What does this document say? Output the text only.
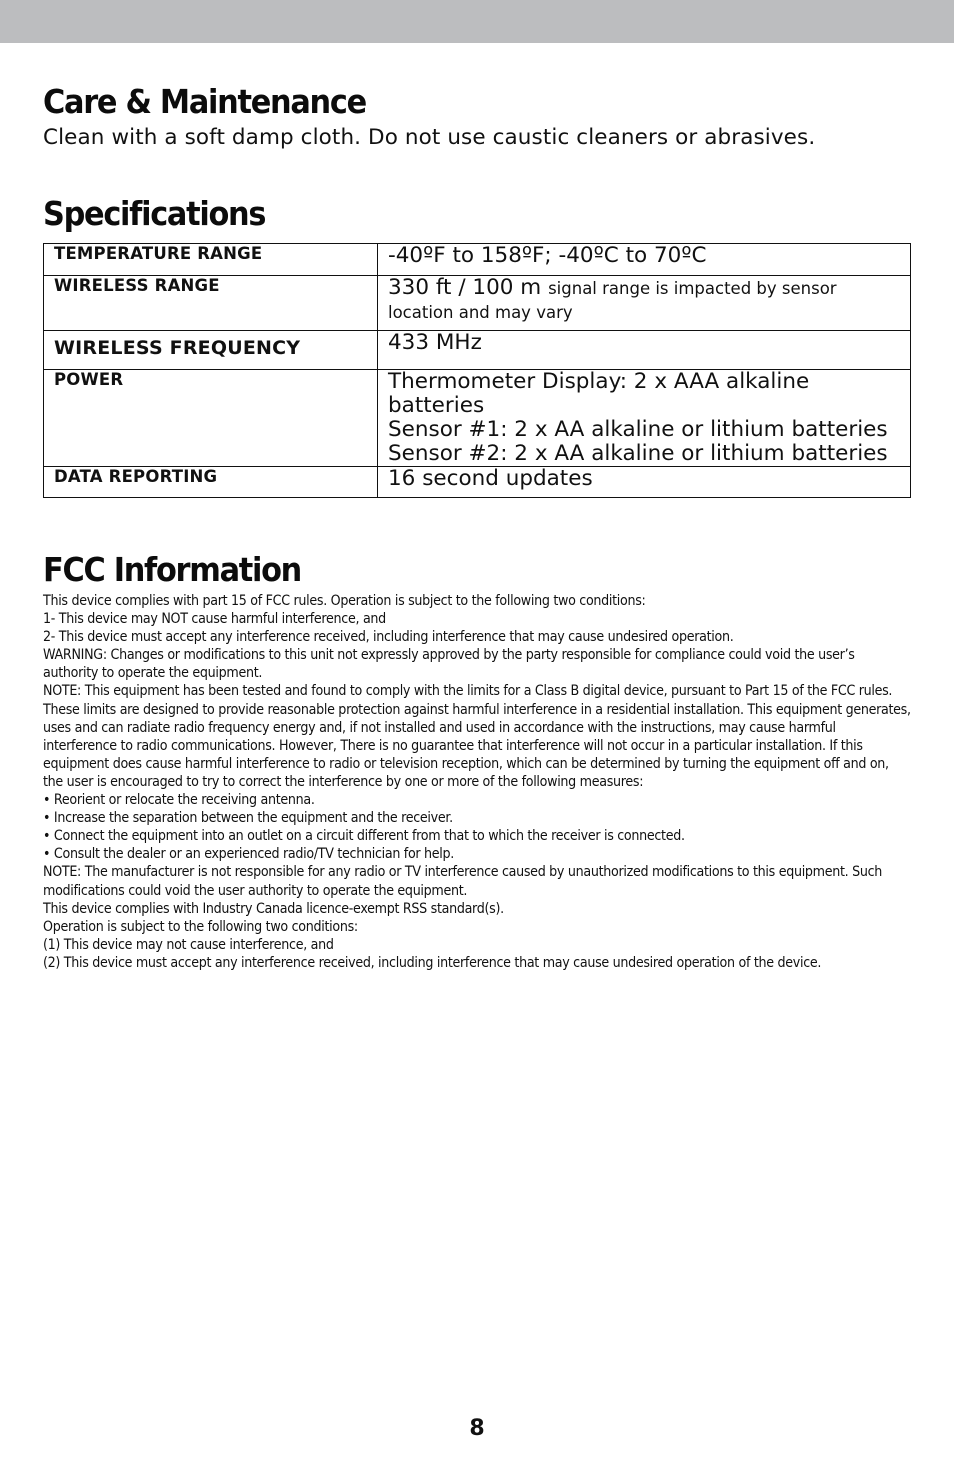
Care & Maintenance

Clean with a soft damp cloth. Do not use caustic cleaners or abrasives.

Specifications
TEMPERATURE RANGE	-40ºF to 158ºF; -40ºC to 70ºC
WIRELESS RANGE	330 ft / 100 m signal range is impacted by sensor location and may vary
WIRELESS FREQUENCY	433 MHz
POWER	Thermometer Display: 2 x AAA alkaline batteries
Sensor #1: 2 x AA alkaline or lithium batteries
Sensor #2: 2 x AA alkaline or lithium batteries

DATA REPORTING	16 second updates
FCC Information

This device complies with part 15 of FCC rules. Operation is subject to the following two conditions:

1- This device may NOT cause harmful interference, and

2- This device must accept any interference received, including interference that may cause undesired operation.

WARNING: Changes or modifications to this unit not expressly approved by the party responsible for compliance could void the user’s authority to operate the equipment.

NOTE: This equipment has been tested and found to comply with the limits for a Class B digital device, pursuant to Part 15 of the FCC rules. These limits are designed to provide reasonable protection against harmful interference in a residential installation. This equipment generates, uses and can radiate radio frequency energy and, if not installed and used in accordance with the instructions, may cause harmful interference to radio communications. However, There is no guarantee that interference will not occur in a particular installation. If this equipment does cause harmful interference to radio or television reception, which can be determined by turning the equipment off and on, the user is encouraged to try to correct the interference by one or more of the following measures:

• Reorient or relocate the receiving antenna.

• Increase the separation between the equipment and the receiver.

• Connect the equipment into an outlet on a circuit different from that to which the receiver is connected.

• Consult the dealer or an experienced radio/TV technician for help.

NOTE: The manufacturer is not responsible for any radio or TV interference caused by unauthorized modifications to this equipment. Such modifications could void the user authority to operate the equipment.

This device complies with Industry Canada licence-exempt RSS standard(s).

Operation is subject to the following two conditions:

(1) This device may not cause interference, and

(2) This device must accept any interference received, including interference that may cause undesired operation of the device.

8
